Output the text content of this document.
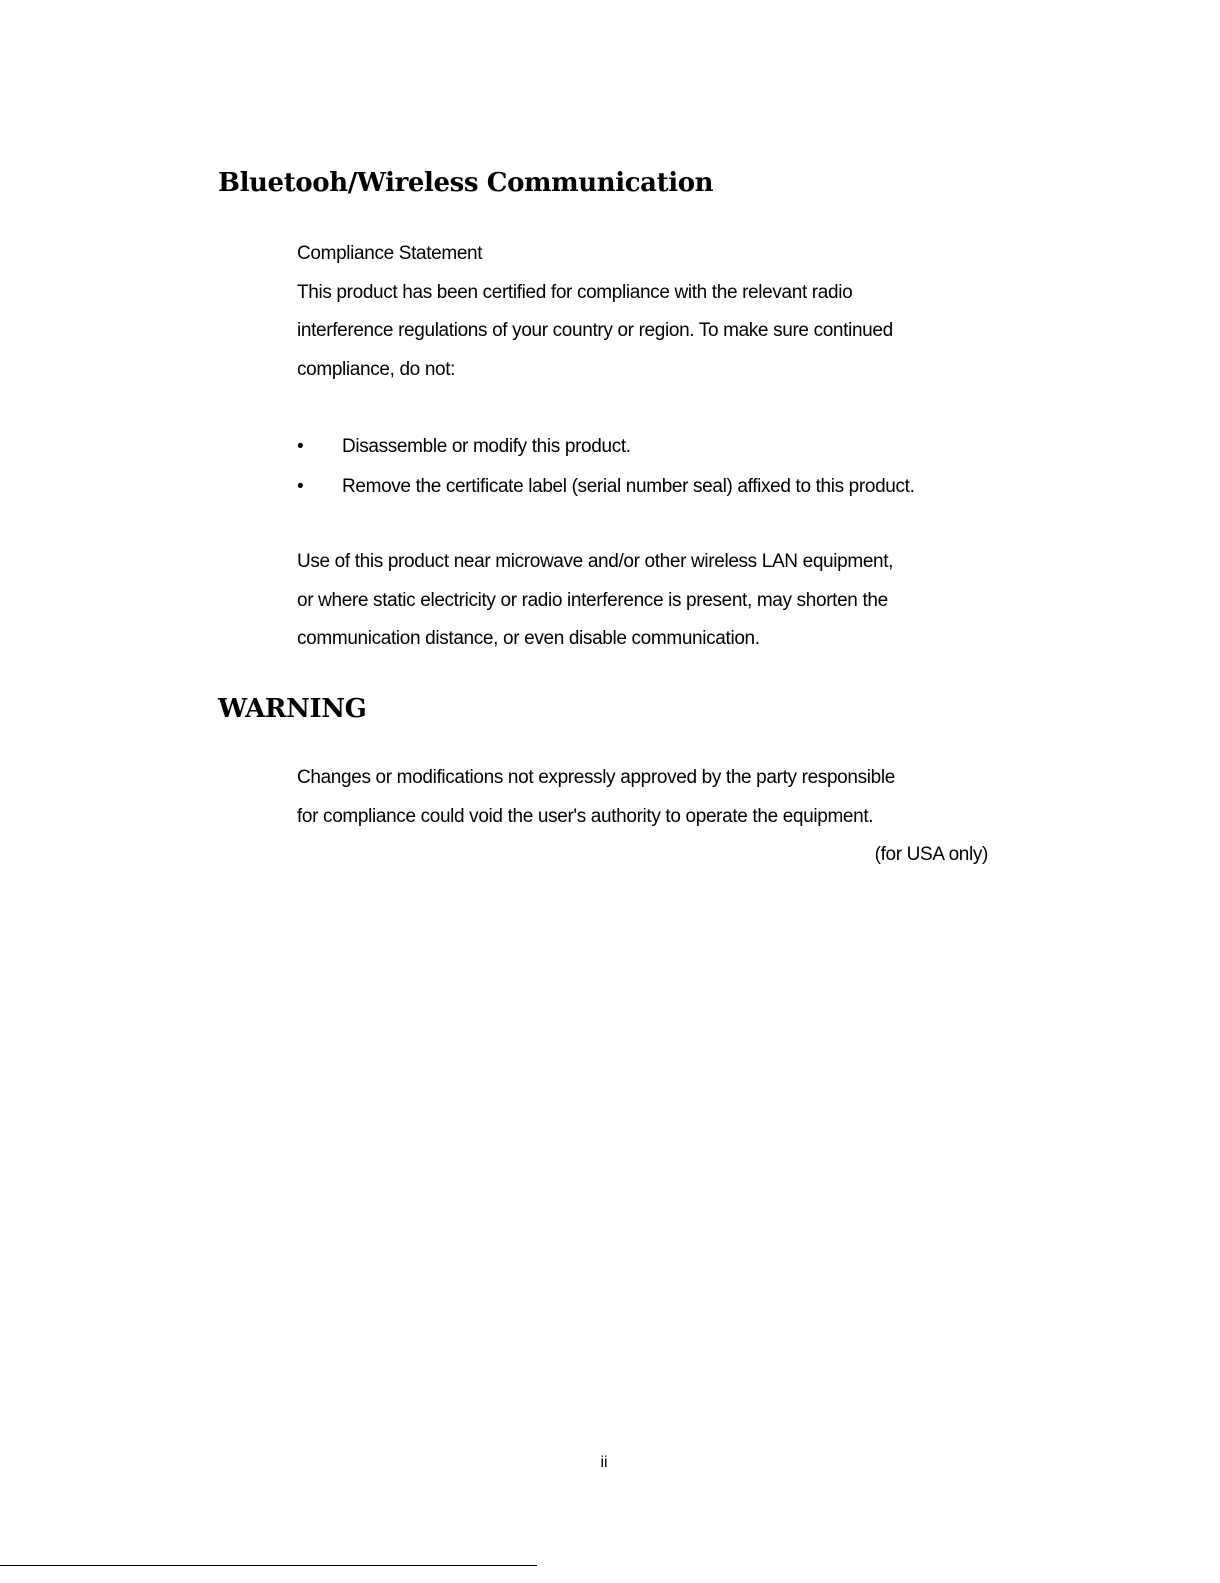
Bluetooh/Wireless Communication

Compliance Statement

This product has been certified for compliance with the relevant radio

interference regulations of your country or region. To make sure continued

compliance, do not:

• Disassemble or modify this product.
• Remove the certificate label (serial number seal) affixed to this product.

Use of this product near microwave and/or other wireless LAN equipment,

or where static electricity or radio interference is present, may shorten the

communication distance, or even disable communication.

WARNING

Changes or modifications not expressly approved by the party responsible

for compliance could void the user's authority to operate the equipment.

(for USA only)
ii
